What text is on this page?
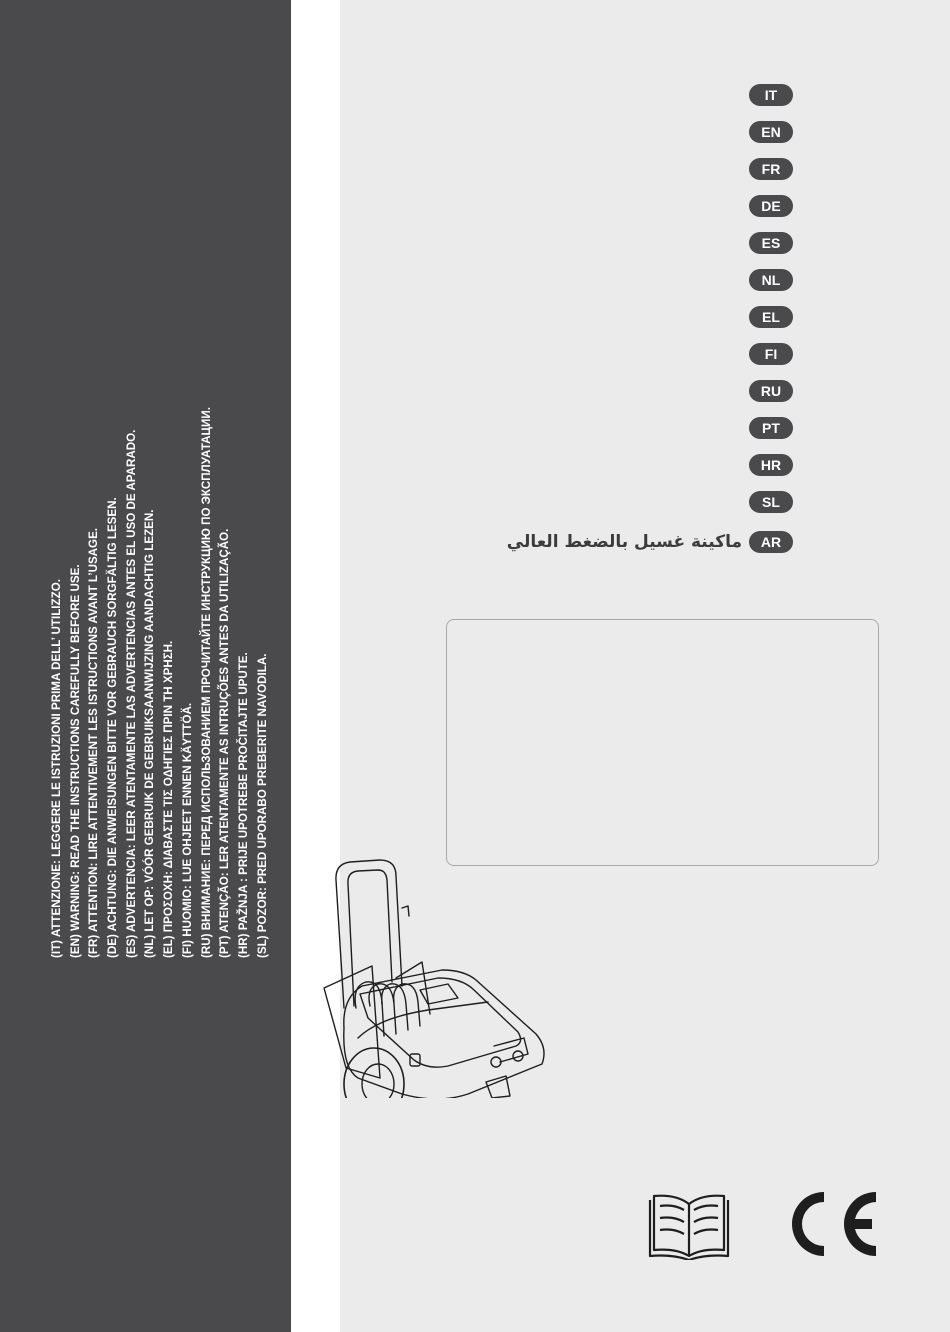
(IT) ATTENZIONE: LEGGERE LE ISTRUZIONI PRIMA DELL’ UTILIZZO. (EN) WARNING: READ THE INSTRUCTIONS CAREFULLY BEFORE USE. (FR) ATTENTION: LIRE ATTENTIVEMENT LES ISTRUCTIONS AVANT L’USAGE. (DE) ACHTUNG: DIE ANWEISUNGEN BITTE VOR GEBRAUCH SORGFÄLTIG LESEN. (ES) ADVERTENCIA: LEER ATENTAMENTE LAS ADVERTENCIAS ANTES EL USO DE APARADO. (NL) LET OP: VÓÓR GEBRUIK DE GEBRUIKSAANWIJZING AANDACHTIG LEZEN. (EL) ΠΡΟΣΟΧΗ: ΔΙΑΒΑΣΤΕ ΤΙΣ ΟΔΗΓΙΕΣ ΠΡΙΝ ΤΗ ΧΡΗΣΗ. (FI) HUOMIO: LUE OHJEET ENNEN KÄYTTÖÄ. (RU) ВНИМАНИЕ: ПЕРЕД ИСПОЛЬЗОВАНИЕМ ПРОЧИТАЙТЕ ИНСТРУКЦИЮ ПО ЭКСПЛУАТАЦИИ. (PT) ATENÇÃO: LER ATENTAMENTE AS INTRUÇÕES ANTES DA UTILIZAÇÃO. (HR) PAŽNJA : PRIJE UPOTREBE PROČITAJTE UPUTE. (SL) POZOR: PRED UPORABO PREBERITE NAVODILA.
IT
EN
FR
DE
ES
NL
EL
FI
RU
PT
HR
SL
AR
ماكينة غسيل بالضغط العالي
